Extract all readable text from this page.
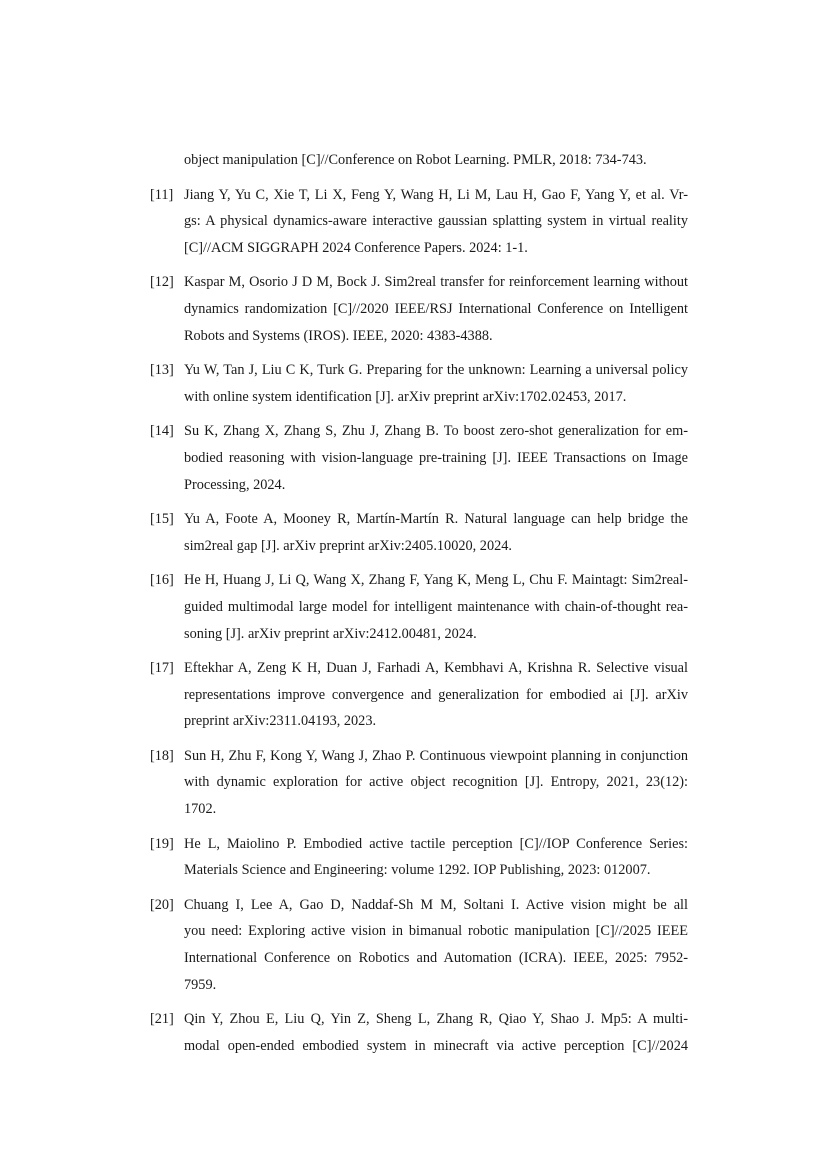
object manipulation [C]//Conference on Robot Learning. PMLR, 2018: 734-743.
[11] Jiang Y, Yu C, Xie T, Li X, Feng Y, Wang H, Li M, Lau H, Gao F, Yang Y, et al. Vr-
gs: A physical dynamics-aware interactive gaussian splatting system in virtual reality
[C]//ACM SIGGRAPH 2024 Conference Papers. 2024: 1-1.
[12] Kaspar M, Osorio J D M, Bock J. Sim2real transfer for reinforcement learning without
dynamics randomization [C]//2020 IEEE/RSJ International Conference on Intelligent
Robots and Systems (IROS). IEEE, 2020: 4383-4388.
[13] Yu W, Tan J, Liu C K, Turk G. Preparing for the unknown: Learning a universal policy
with online system identification [J]. arXiv preprint arXiv:1702.02453, 2017.
[14] Su K, Zhang X, Zhang S, Zhu J, Zhang B. To boost zero-shot generalization for em-
bodied reasoning with vision-language pre-training [J]. IEEE Transactions on Image
Processing, 2024.
[15] Yu A, Foote A, Mooney R, Martín-Martín R. Natural language can help bridge the
sim2real gap [J]. arXiv preprint arXiv:2405.10020, 2024.
[16] He H, Huang J, Li Q, Wang X, Zhang F, Yang K, Meng L, Chu F. Maintagt: Sim2real-
guided multimodal large model for intelligent maintenance with chain-of-thought rea-
soning [J]. arXiv preprint arXiv:2412.00481, 2024.
[17] Eftekhar A, Zeng K H, Duan J, Farhadi A, Kembhavi A, Krishna R. Selective visual
representations improve convergence and generalization for embodied ai [J]. arXiv
preprint arXiv:2311.04193, 2023.
[18] Sun H, Zhu F, Kong Y, Wang J, Zhao P. Continuous viewpoint planning in conjunction
with dynamic exploration for active object recognition [J]. Entropy, 2021, 23(12):
1702.
[19] He L, Maiolino P. Embodied active tactile perception [C]//IOP Conference Series:
Materials Science and Engineering: volume 1292. IOP Publishing, 2023: 012007.
[20] Chuang I, Lee A, Gao D, Naddaf-Sh M M, Soltani I. Active vision might be all
you need: Exploring active vision in bimanual robotic manipulation [C]//2025 IEEE
International Conference on Robotics and Automation (ICRA). IEEE, 2025: 7952-
7959.
[21] Qin Y, Zhou E, Liu Q, Yin Z, Sheng L, Zhang R, Qiao Y, Shao J. Mp5: A multi-
modal open-ended embodied system in minecraft via active perception [C]//2024
